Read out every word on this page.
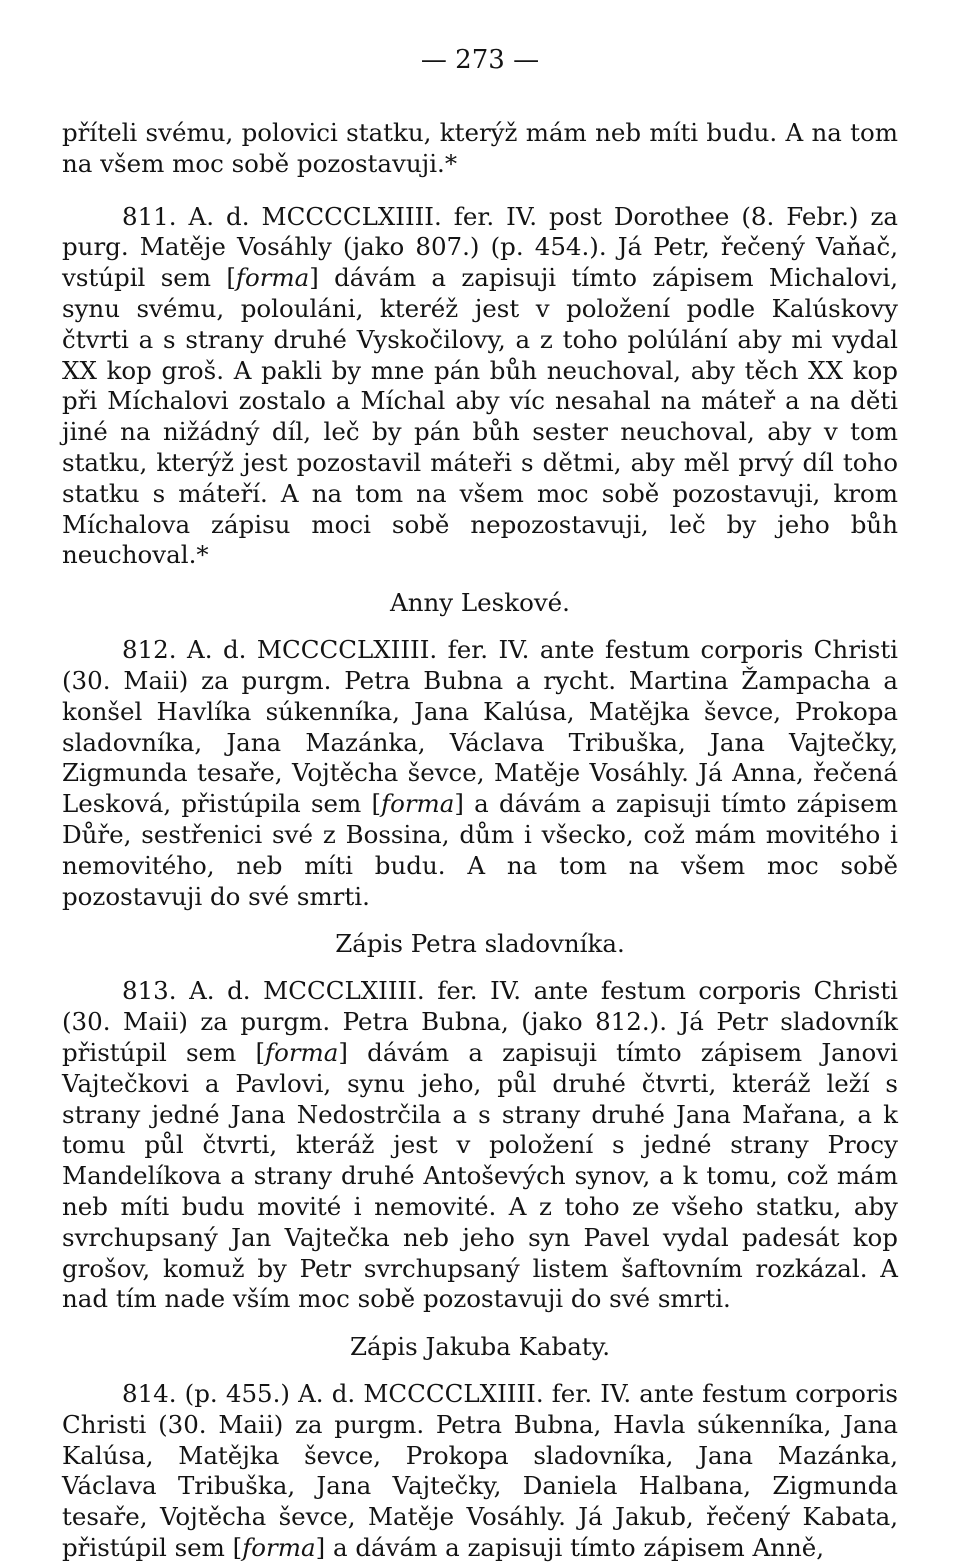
— 273 —

příteli svému, polovici statku, kterýž mám neb míti budu. A na tom na všem moc sobě pozostavuji.*

811. A. d. MCCCCLXIIII. fer. IV. post Dorothee (8. Febr.) za purg. Matěje Vosáhly (jako 807.) (p. 454.). Já Petr, řečený Vaňač, vstúpil sem [forma] dávám a zapisuji tímto zápisem Michalovi, synu svému, polouláni, kteréž jest v položení podle Kalúskovy čtvrti a s strany druhé Vyskočilovy, a z toho polúlání aby mi vydal XX kop groš. A pakli by mne pán bůh neuchoval, aby těch XX kop při Míchalovi zostalo a Míchal aby víc nesahal na máteř a na děti jiné na nižádný díl, leč by pán bůh sester neuchoval, aby v tom statku, kterýž jest pozostavil máteři s dětmi, aby měl prvý díl toho statku s máteří. A na tom na všem moc sobě pozostavuji, krom Míchalova zápisu moci sobě nepozostavuji, leč by jeho bůh neuchoval.*

Anny Leskové.

812. A. d. MCCCCLXIIII. fer. IV. ante festum corporis Christi (30. Maii) za purgm. Petra Bubna a rycht. Martina Žampacha a konšel Havlíka súkenníka, Jana Kalúsa, Matějka ševce, Prokopa sladovníka, Jana Mazánka, Václava Tribuška, Jana Vajtečky, Zigmunda tesaře, Vojtěcha ševce, Matěje Vosáhly. Já Anna, řečená Lesková, přistúpila sem [forma] a dávám a zapisuji tímto zápisem Důře, sestřenici své z Bossina, dům i všecko, což mám movitého i nemovitého, neb míti budu. A na tom na všem moc sobě pozostavuji do své smrti.

Zápis Petra sladovníka.

813. A. d. MCCCLXIIII. fer. IV. ante festum corporis Christi (30. Maii) za purgm. Petra Bubna, (jako 812.). Já Petr sladovník přistúpil sem [forma] dávám a zapisuji tímto zápisem Janovi Vajtečkovi a Pavlovi, synu jeho, půl druhé čtvrti, kteráž leží s strany jedné Jana Nedostrčila a s strany druhé Jana Mařana, a k tomu půl čtvrti, kteráž jest v položení s jedné strany Procy Mandelíkova a strany druhé Antoševých synov, a k tomu, což mám neb míti budu movité i nemovité. A z toho ze všeho statku, aby svrchupsaný Jan Vajtečka neb jeho syn Pavel vydal padesát kop grošov, komuž by Petr svrchupsaný listem šaftovním rozkázal. A nad tím nade vším moc sobě pozostavuji do své smrti.

Zápis Jakuba Kabaty.

814. (p. 455.) A. d. MCCCCLXIIII. fer. IV. ante festum corporis Christi (30. Maii) za purgm. Petra Bubna, Havla súkenníka, Jana Kalúsa, Matějka ševce, Prokopa sladovníka, Jana Mazánka, Václava Tribuška, Jana Vajtečky, Daniela Halbana, Zigmunda tesaře, Vojtěcha ševce, Matěje Vosáhly. Já Jakub, řečený Kabata, přistúpil sem [forma] a dávám a zapisuji tímto zápisem Anně,
